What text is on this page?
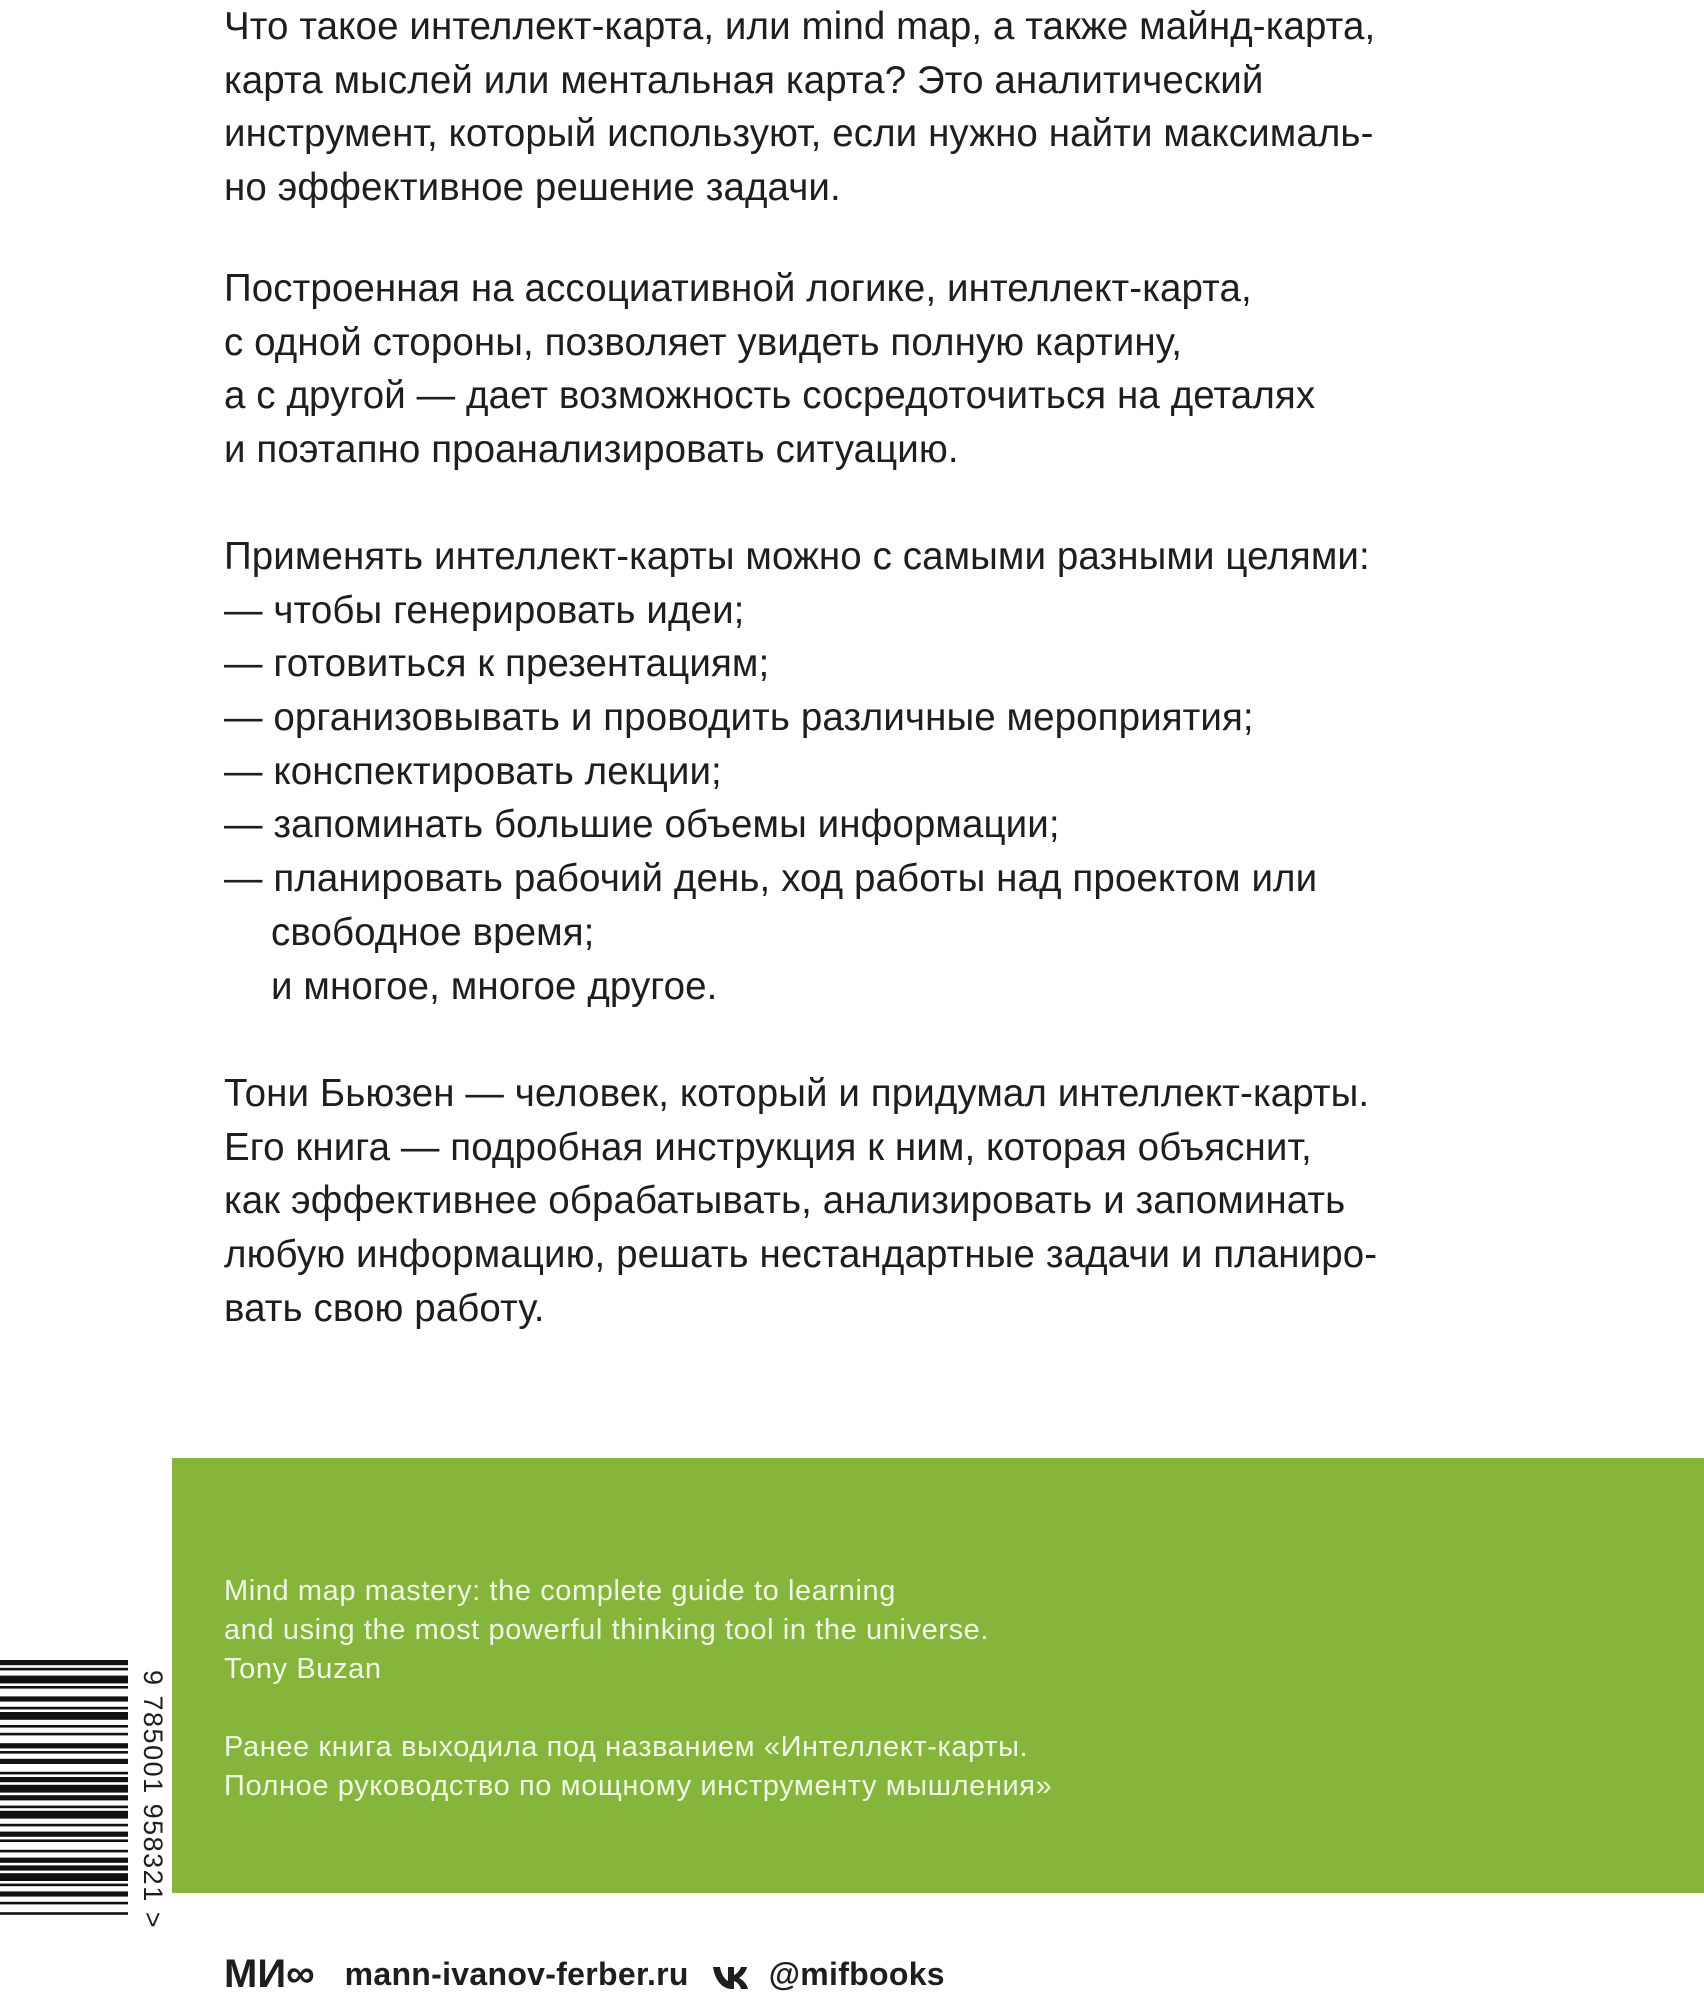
Что такое интеллект-карта, или mind map, а также майнд-карта,
карта мыслей или ментальная карта? Это аналитический
инструмент, который используют, если нужно найти максималь-
но эффективное решение задачи.
Построенная на ассоциативной логике, интеллект-карта,
с одной стороны, позволяет увидеть полную картину,
а с другой — дает возможность сосредоточиться на деталях
и поэтапно проанализировать ситуацию.
Применять интеллект-карты можно с самыми разными целями:
— чтобы генерировать идеи;
— готовиться к презентациям;
— организовывать и проводить различные мероприятия;
— конспектировать лекции;
— запоминать большие объемы информации;
— планировать рабочий день, ход работы над проектом или
свободное время;
и многое, многое другое.
Тони Бьюзен — человек, который и придумал интеллект-карты.
Его книга — подробная инструкция к ним, которая объяснит,
как эффективнее обрабатывать, анализировать и запоминать
любую информацию, решать нестандартные задачи и планиро-
вать свою работу.
Mind map mastery: the complete guide to learning
and using the most powerful thinking tool in the universe.
Tony Buzan
Ранее книга выходила под названием «Интеллект-карты.
Полное руководство по мощному инструменту мышления»
9 785001 958321 >
МИ∞ mann-ivanov-ferber.ru	@mifbooks
